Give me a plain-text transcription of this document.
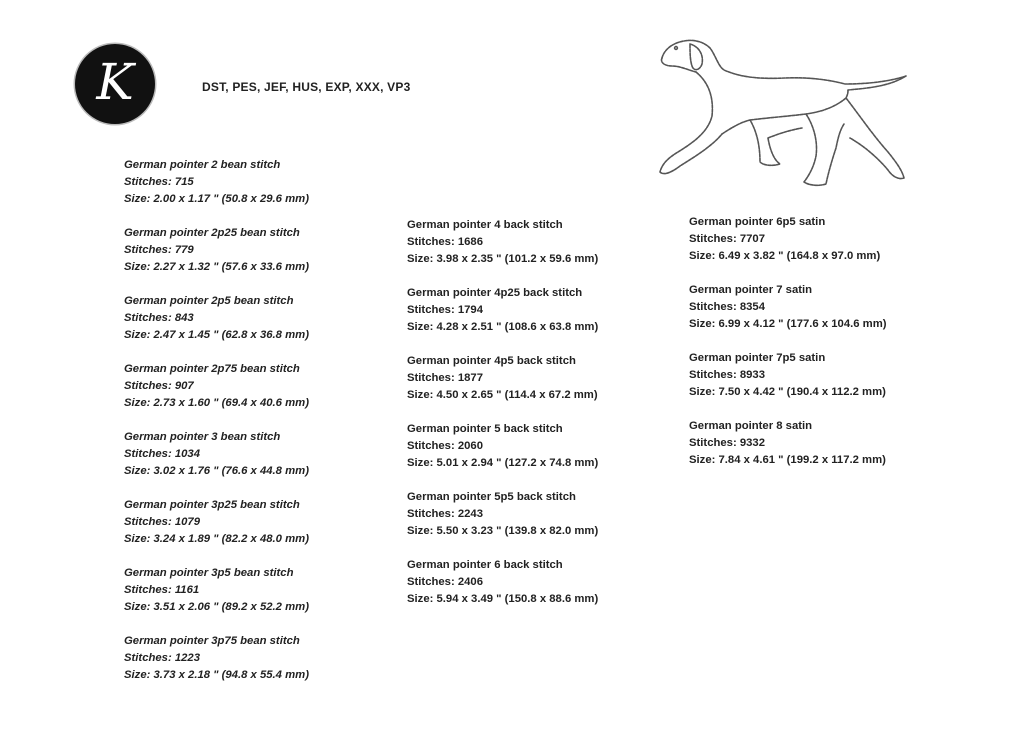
K	DST, PES, JEF, HUS, EXP, XXX, VP3
German pointer 2 bean stitch
Stitches: 715
Size: 2.00 x 1.17 " (50.8 x 29.6 mm)
German pointer 2p25 bean stitch
Stitches: 779
Size: 2.27 x 1.32 " (57.6 x 33.6 mm)
German pointer 2p5 bean stitch
Stitches: 843
Size: 2.47 x 1.45 " (62.8 x 36.8 mm)
German pointer 2p75 bean stitch
Stitches: 907
Size: 2.73 x 1.60 " (69.4 x 40.6 mm)
German pointer 3 bean stitch
Stitches: 1034
Size: 3.02 x 1.76 " (76.6 x 44.8 mm)
German pointer 3p25 bean stitch
Stitches: 1079
Size: 3.24 x 1.89 " (82.2 x 48.0 mm)
German pointer 3p5 bean stitch
Stitches: 1161
Size: 3.51 x 2.06 " (89.2 x 52.2 mm)
German pointer 3p75 bean stitch
Stitches: 1223
Size: 3.73 x 2.18 " (94.8 x 55.4 mm)
German pointer 4 back stitch
Stitches: 1686
Size: 3.98 x 2.35 " (101.2 x 59.6 mm)
German pointer 4p25 back stitch
Stitches: 1794
Size: 4.28 x 2.51 " (108.6 x 63.8 mm)
German pointer 4p5 back stitch
Stitches: 1877
Size: 4.50 x 2.65 " (114.4 x 67.2 mm)
German pointer 5 back stitch
Stitches: 2060
Size: 5.01 x 2.94 " (127.2 x 74.8 mm)
German pointer 5p5 back stitch
Stitches: 2243
Size: 5.50 x 3.23 " (139.8 x 82.0 mm)
German pointer 6 back stitch
Stitches: 2406
Size: 5.94 x 3.49 " (150.8 x 88.6 mm)
German pointer 6p5 satin
Stitches: 7707
Size: 6.49 x 3.82 " (164.8 x 97.0 mm)
German pointer 7 satin
Stitches: 8354
Size: 6.99 x 4.12 " (177.6 x 104.6 mm)
German pointer 7p5 satin
Stitches: 8933
Size: 7.50 x 4.42 " (190.4 x 112.2 mm)
German pointer 8 satin
Stitches: 9332
Size: 7.84 x 4.61 " (199.2 x 117.2 mm)
